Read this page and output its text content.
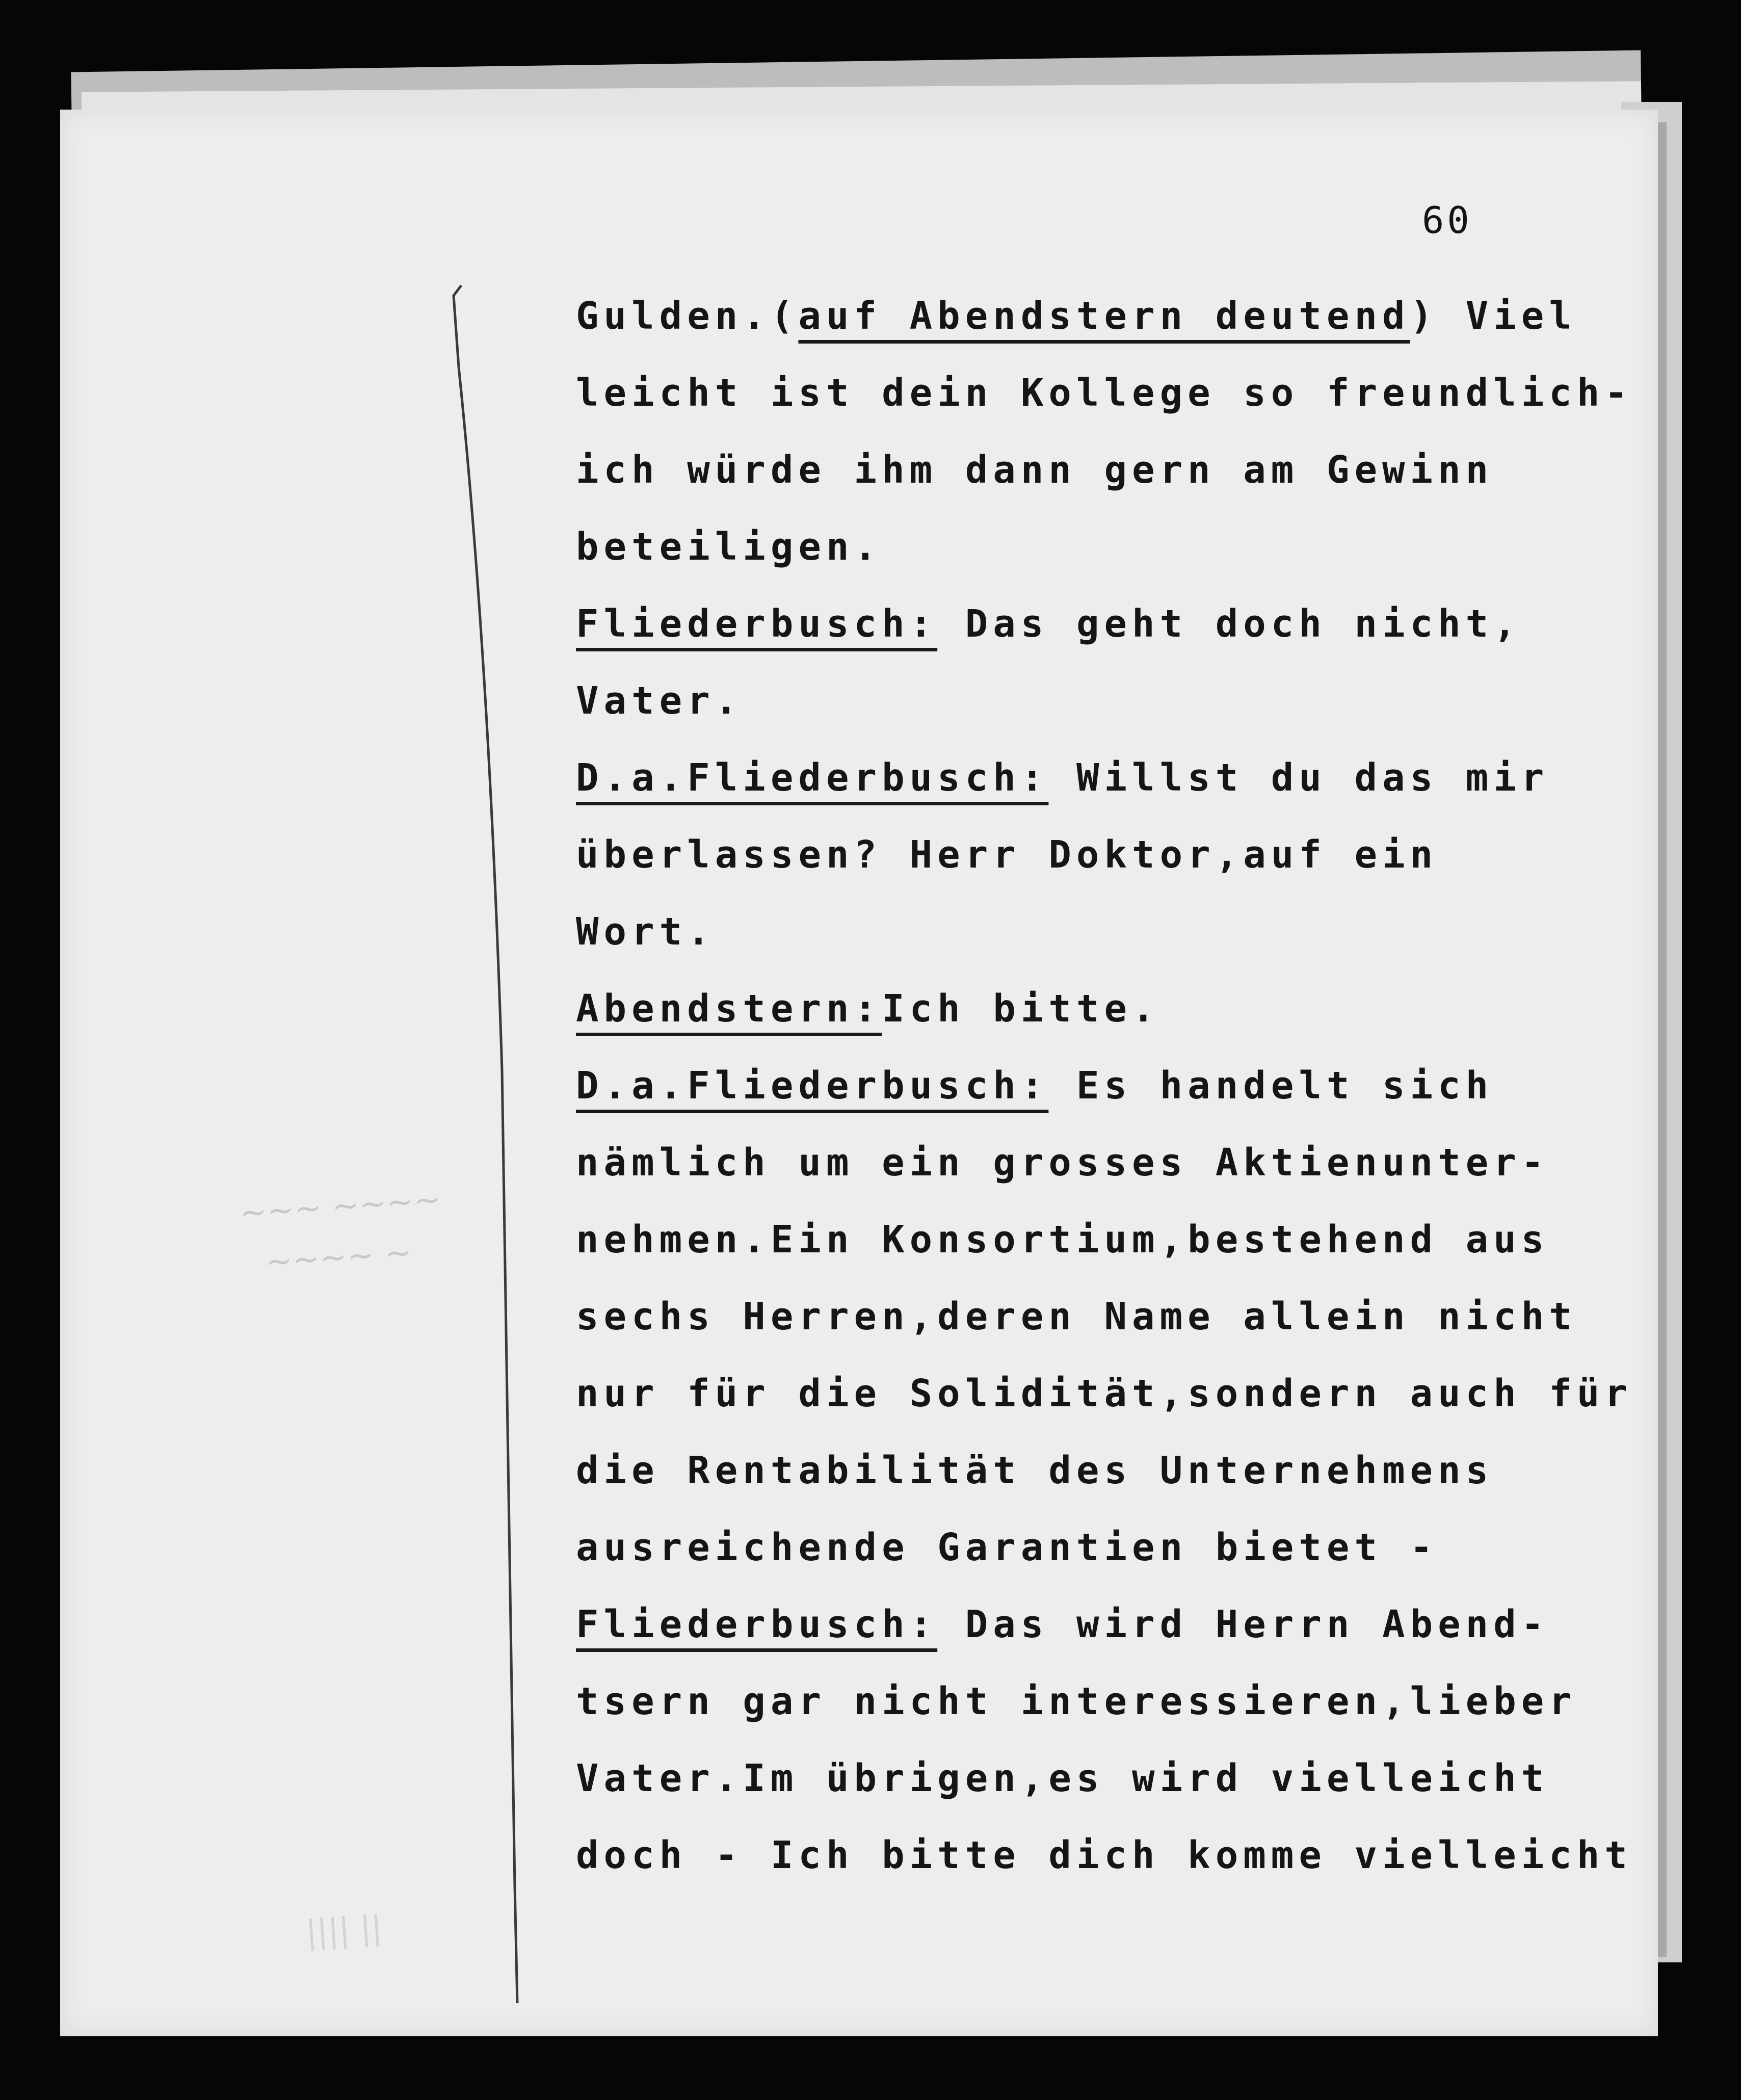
~~~ ~~~~
~~~~ ~
|||| ||
60
Gulden.(auf Abendstern deutend) Viel
leicht ist dein Kollege so freundlich-
ich würde ihm dann gern am Gewinn
beteiligen.
Fliederbusch: Das geht doch nicht,
Vater.
D.a.Fliederbusch: Willst du das mir
überlassen? Herr Doktor,auf ein
Wort.
Abendstern:Ich bitte.
D.a.Fliederbusch: Es handelt sich
nämlich um ein grosses Aktienunter-
nehmen.Ein Konsortium,bestehend aus
sechs Herren,deren Name allein nicht
nur für die Solidität,sondern auch für
die Rentabilität des Unternehmens
ausreichende Garantien bietet -
Fliederbusch: Das wird Herrn Abend-
tsern gar nicht interessieren,lieber
Vater.Im übrigen,es wird vielleicht
doch - Ich bitte dich komme vielleicht
